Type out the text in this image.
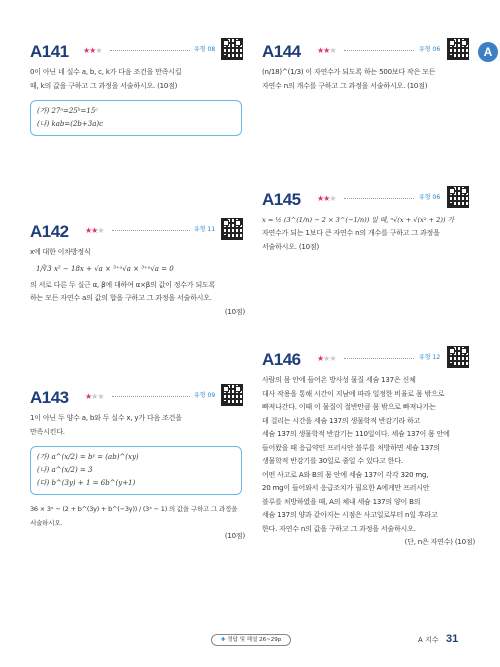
A
A141 ★★★	유형 08
0이 아닌 네 실수 a, b, c, k가 다음 조건을 만족시킬
때, k의 값을 구하고 그 과정을 서술하시오. (10점)
(가) 27ᵃ=25ᵇ=15ᶜ
(나) kab=(2b+3a)c
A142 ★★★	유형 11
x에 대한 이차방정식
1/∛3 x² − 18x + √a × ³⁺ᵃ√a × ³⁺ᵃ√a = 0
의 서로 다른 두 실근 α, β에 대하여 α×β의 값이 정수가 되도록
하는 모든 자연수 a의 값의 합을 구하고 그 과정을 서술하시오.
(10점)
A143 ★★★	유형 09
1이 아닌 두 양수 a, b와 두 실수 x, y가 다음 조건을
만족시킨다.
(가) a^(x/2) = bʸ = (ab)^(xy)
(나) a^(x/2) = 3
(다) b^(3y) + 1 = 6b^(y+1)
36 × 3ˣ − (2 + b^(3y) + b^(−3y)) / (3ˣ − 1) 의 값을 구하고 그 과정을 서술하시오.
(10점)
A144 ★★★	유형 06
(n/18)^(1/3) 이 자연수가 되도록 하는 500보다 작은 모든
자연수 n의 개수를 구하고 그 과정을 서술하시오. (10점)
A145 ★★★	유형 06
x = ½ (3^(1/n) − 2 × 3^(−1/n)) 일 때, ⁿ√(x + √(x² + 2)) 가
자연수가 되는 1보다 큰 자연수 n의 개수를 구하고 그 과정을
서술하시오. (10점)
A146 ★★★	유형 12
사람의 몸 안에 들어온 방사성 물질 세슘 137은 신체
대사 작용을 통해 시간이 지남에 따라 일정한 비율로 몸 밖으로
빠져나간다. 이때 이 물질이 절반만큼 몸 밖으로 빠져나가는
데 걸리는 시간을 세슘 137의 생물학적 반감기라 하고
세슘 137의 생물학적 반감기는 110일이다. 세슘 137이 몸 안에
들어왔을 때 응급약인 프러시안 블루를 처방하면 세슘 137의
생물학적 반감기를 30일로 줄일 수 있다고 한다.
어떤 사고로 A와 B의 몸 안에 세슘 137이 각각 320 mg,
20 mg이 들어와서 응급조치가 필요한 A에게만 프러시안
블루를 처방하였을 때, A의 체내 세슘 137의 양이 B의
세슘 137의 양과 같아지는 시점은 사고일로부터 n일 후라고
한다. 자연수 n의 값을 구하고 그 과정을 서술하시오.
(단, n은 자연수) (10점)
✚ 정답 및 해설 26~29p	A 지수 31
